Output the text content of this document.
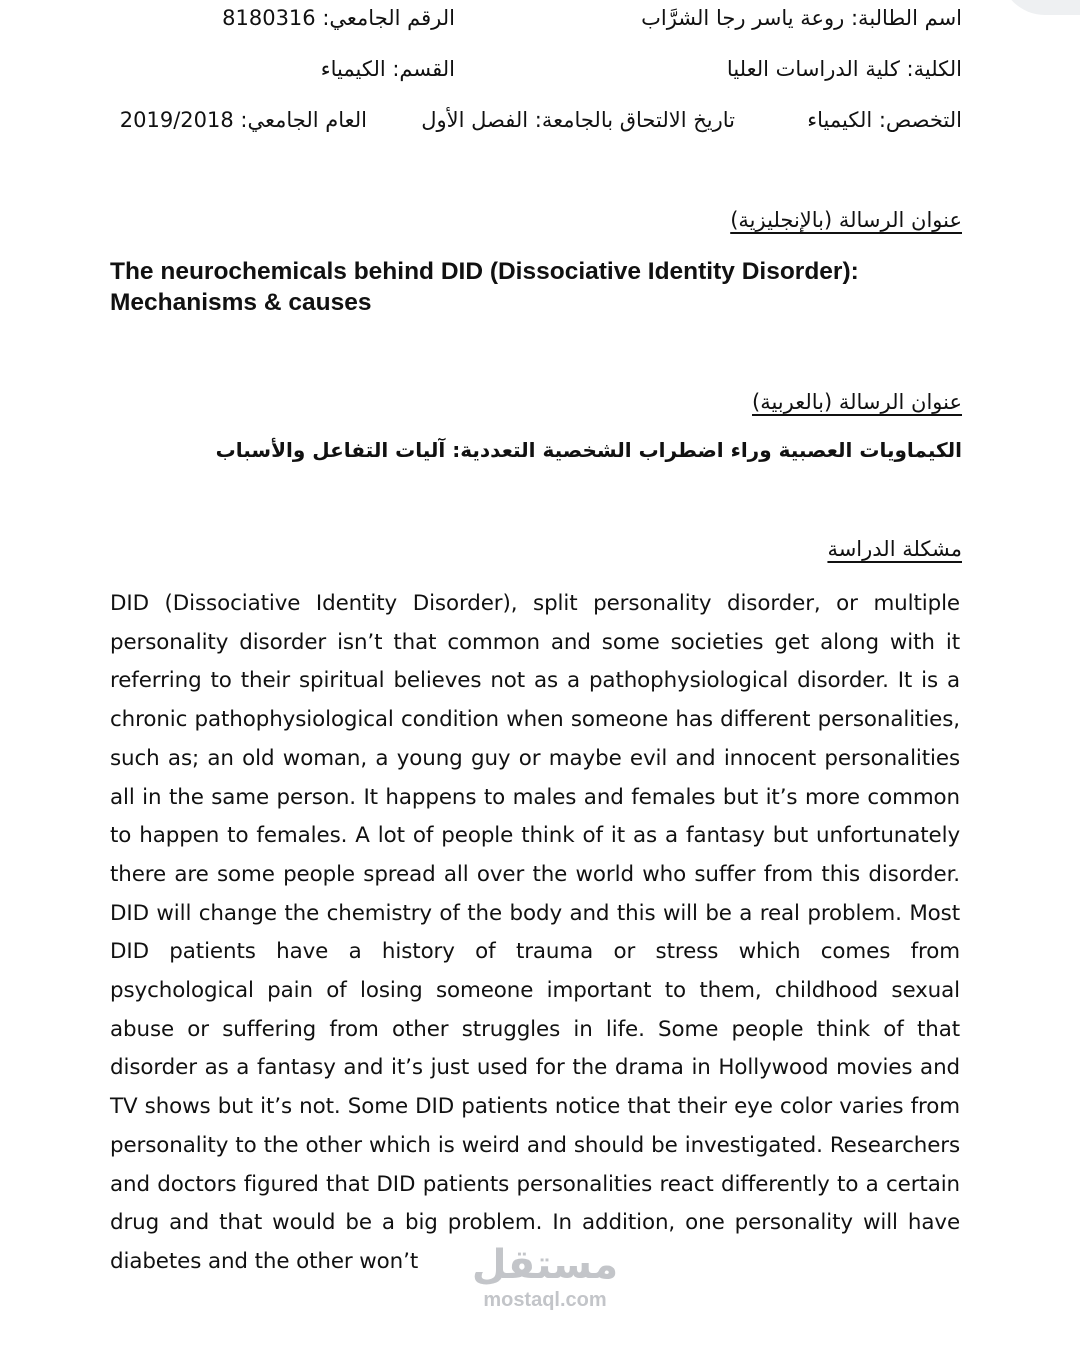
اسم الطالبة: روعة ياسر رجا الشرَّاب
الرقم الجامعي: 8180316
الكلية: كلية الدراسات العليا
القسم: الكيمياء
التخصص: الكيمياء
تاريخ الالتحاق بالجامعة: الفصل الأول
العام الجامعي: 2019/2018
عنوان الرسالة (بالإنجليزية)
The neurochemicals behind DID (Dissociative Identity Disorder): Mechanisms & causes
عنوان الرسالة (بالعربية)
الكيماويات العصبية وراء اضطراب الشخصية التعددية: آليات التفاعل والأسباب
مشكلة الدراسة
DID (Dissociative Identity Disorder), split personality disorder, or multiple personality disorder isn’t that common and some societies get along with it referring to their spiritual believes not as a pathophysiological disorder. It is a chronic pathophysiological condition when someone has different personalities, such as; an old woman, a young guy or maybe evil and innocent personalities all in the same person. It happens to males and females but it’s more common to happen to females. A lot of people think of it as a fantasy but unfortunately there are some people spread all over the world who suffer from this disorder. DID will change the chemistry of the body and this will be a real problem. Most DID patients have a history of trauma or stress which comes from psychological pain of losing someone important to them, childhood sexual abuse or suffering from other struggles in life. Some people think of that disorder as a fantasy and it’s just used for the drama in Hollywood movies and TV shows but it’s not. Some DID patients notice that their eye color varies from personality to the other which is weird and should be investigated. Researchers and doctors figured that DID patients personalities react differently to a certain drug and that would be a big problem. In addition, one personality will have diabetes and the other won’t	مستقل
mostaql.com
